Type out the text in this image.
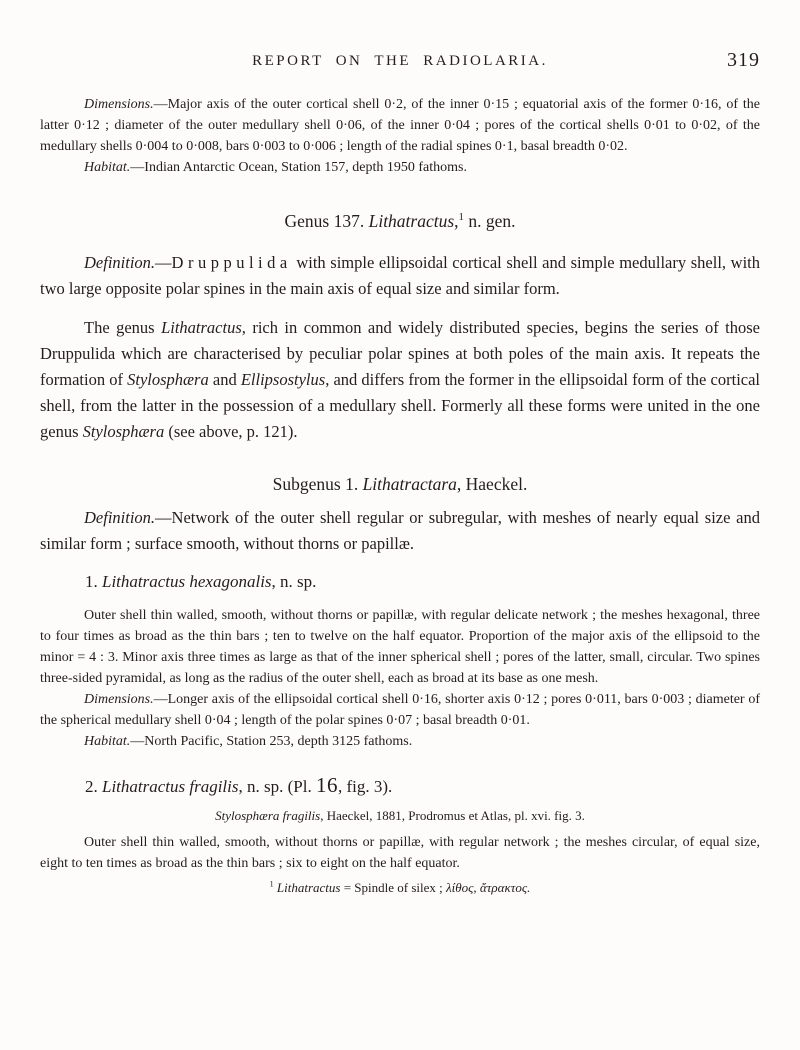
REPORT ON THE RADIOLARIA.	319

Dimensions.—Major axis of the outer cortical shell 0·2, of the inner 0·15 ; equatorial axis of the former 0·16, of the latter 0·12 ; diameter of the outer medullary shell 0·06, of the inner 0·04 ; pores of the cortical shells 0·01 to 0·02, of the medullary shells 0·004 to 0·008, bars 0·003 to 0·006 ; length of the radial spines 0·1, basal breadth 0·02.

Habitat.—Indian Antarctic Ocean, Station 157, depth 1950 fathoms.

Genus 137. Lithatractus,$^1$ n. gen.

Definition.—Druppulida with simple ellipsoidal cortical shell and simple medullary shell, with two large opposite polar spines in the main axis of equal size and similar form.

The genus Lithatractus, rich in common and widely distributed species, begins the series of those Druppulida which are characterised by peculiar polar spines at both poles of the main axis. It repeats the formation of Stylosphæra and Ellipsostylus, and differs from the former in the ellipsoidal form of the cortical shell, from the latter in the possession of a medullary shell. Formerly all these forms were united in the one genus Stylosphæra (see above, p. 121).

Subgenus 1. Lithatractara, Haeckel.

Definition.—Network of the outer shell regular or subregular, with meshes of nearly equal size and similar form ; surface smooth, without thorns or papillæ.

1. Lithatractus hexagonalis, n. sp.

Outer shell thin walled, smooth, without thorns or papillæ, with regular delicate network ; the meshes hexagonal, three to four times as broad as the thin bars ; ten to twelve on the half equator. Proportion of the major axis of the ellipsoid to the minor = 4 : 3. Minor axis three times as large as that of the inner spherical shell ; pores of the latter, small, circular. Two spines three-sided pyramidal, as long as the radius of the outer shell, each as broad at its base as one mesh.

Dimensions.—Longer axis of the ellipsoidal cortical shell 0·16, shorter axis 0·12 ; pores 0·011, bars 0·003 ; diameter of the spherical medullary shell 0·04 ; length of the polar spines 0·07 ; basal breadth 0·01.

Habitat.—North Pacific, Station 253, depth 3125 fathoms.

2. Lithatractus fragilis, n. sp. (Pl. 16, fig. 3).

Stylosphæra fragilis, Haeckel, 1881, Prodromus et Atlas, pl. xvi. fig. 3.

Outer shell thin walled, smooth, without thorns or papillæ, with regular network ; the meshes circular, of equal size, eight to ten times as broad as the thin bars ; six to eight on the half equator.

$^1$ Lithatractus = Spindle of silex ; λίθος, ἄτρακτος.
